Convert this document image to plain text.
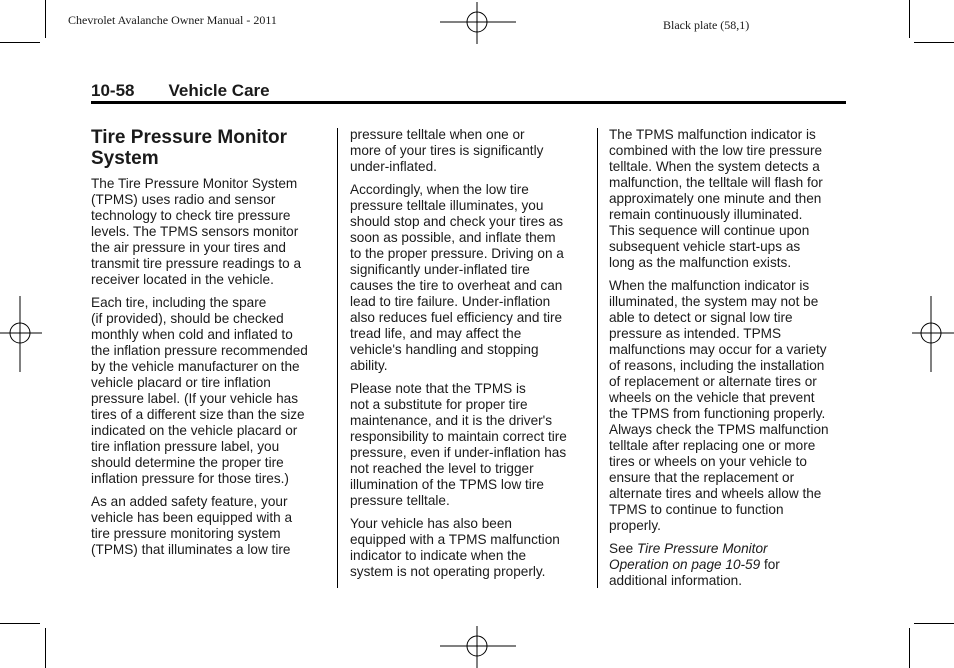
Chevrolet Avalanche Owner Manual - 2011	Black plate (58,1)
10-58 Vehicle Care
Tire Pressure Monitor
System

The Tire Pressure Monitor System
(TPMS) uses radio and sensor
technology to check tire pressure
levels. The TPMS sensors monitor
the air pressure in your tires and
transmit tire pressure readings to a
receiver located in the vehicle.

Each tire, including the spare
(if provided), should be checked
monthly when cold and inflated to
the inflation pressure recommended
by the vehicle manufacturer on the
vehicle placard or tire inflation
pressure label. (If your vehicle has
tires of a different size than the size
indicated on the vehicle placard or
tire inflation pressure label, you
should determine the proper tire
inflation pressure for those tires.)

As an added safety feature, your
vehicle has been equipped with a
tire pressure monitoring system
(TPMS) that illuminates a low tire

pressure telltale when one or
more of your tires is significantly
under-inflated.

Accordingly, when the low tire
pressure telltale illuminates, you
should stop and check your tires as
soon as possible, and inflate them
to the proper pressure. Driving on a
significantly under-inflated tire
causes the tire to overheat and can
lead to tire failure. Under-inflation
also reduces fuel efficiency and tire
tread life, and may affect the
vehicle's handling and stopping
ability.

Please note that the TPMS is
not a substitute for proper tire
maintenance, and it is the driver's
responsibility to maintain correct tire
pressure, even if under-inflation has
not reached the level to trigger
illumination of the TPMS low tire
pressure telltale.

Your vehicle has also been
equipped with a TPMS malfunction
indicator to indicate when the
system is not operating properly.

The TPMS malfunction indicator is
combined with the low tire pressure
telltale. When the system detects a
malfunction, the telltale will flash for
approximately one minute and then
remain continuously illuminated.
This sequence will continue upon
subsequent vehicle start-ups as
long as the malfunction exists.

When the malfunction indicator is
illuminated, the system may not be
able to detect or signal low tire
pressure as intended. TPMS
malfunctions may occur for a variety
of reasons, including the installation
of replacement or alternate tires or
wheels on the vehicle that prevent
the TPMS from functioning properly.
Always check the TPMS malfunction
telltale after replacing one or more
tires or wheels on your vehicle to
ensure that the replacement or
alternate tires and wheels allow the
TPMS to continue to function
properly.

See Tire Pressure Monitor
Operation on page 10-59 for
additional information.
